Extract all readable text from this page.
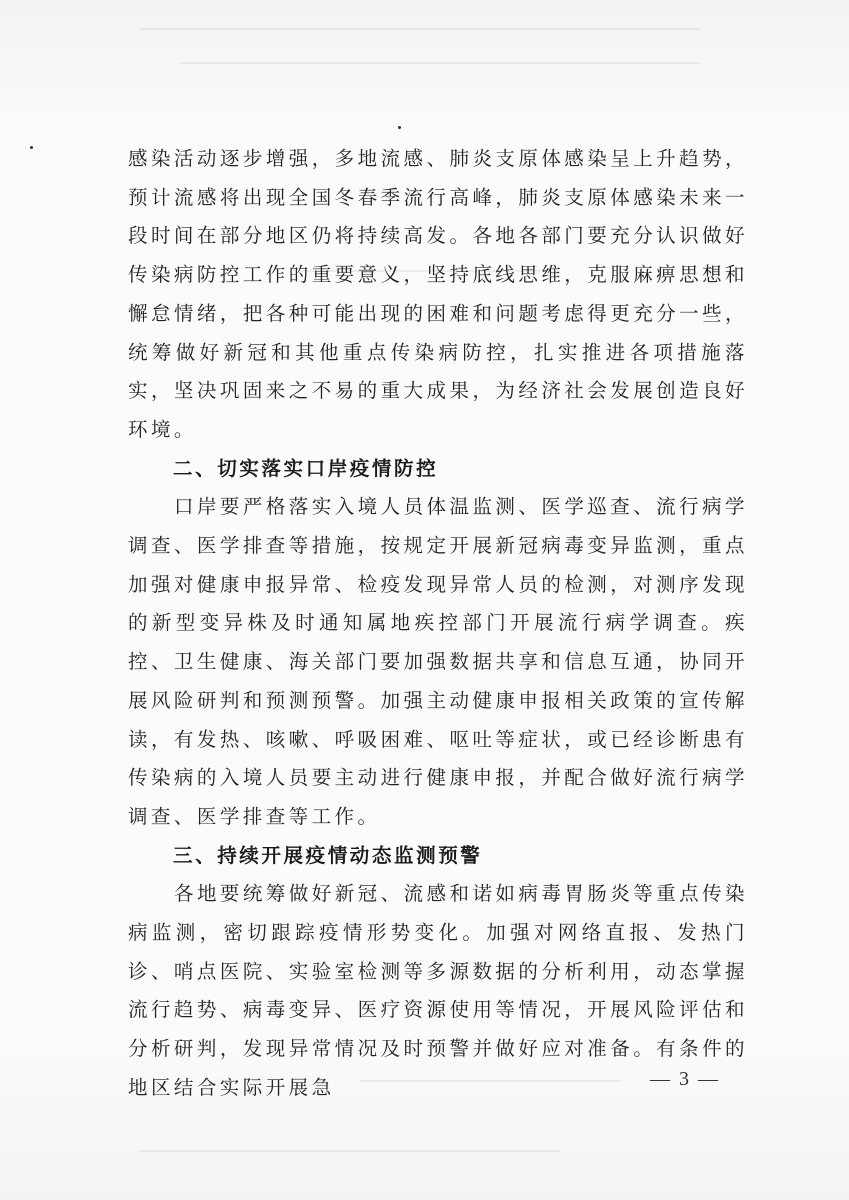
感染活动逐步增强，多地流感、肺炎支原体感染呈上升趋势，预计流感将出现全国冬春季流行高峰，肺炎支原体感染未来一段时间在部分地区仍将持续高发。各地各部门要充分认识做好传染病防控工作的重要意义，坚持底线思维，克服麻痹思想和懈怠情绪，把各种可能出现的困难和问题考虑得更充分一些，统筹做好新冠和其他重点传染病防控，扎实推进各项措施落实，坚决巩固来之不易的重大成果，为经济社会发展创造良好环境。

二、切实落实口岸疫情防控

口岸要严格落实入境人员体温监测、医学巡查、流行病学调查、医学排查等措施，按规定开展新冠病毒变异监测，重点加强对健康申报异常、检疫发现异常人员的检测，对测序发现的新型变异株及时通知属地疾控部门开展流行病学调查。疾控、卫生健康、海关部门要加强数据共享和信息互通，协同开展风险研判和预测预警。加强主动健康申报相关政策的宣传解读，有发热、咳嗽、呼吸困难、呕吐等症状，或已经诊断患有传染病的入境人员要主动进行健康申报，并配合做好流行病学调查、医学排查等工作。

三、持续开展疫情动态监测预警

各地要统筹做好新冠、流感和诺如病毒胃肠炎等重点传染病监测，密切跟踪疫情形势变化。加强对网络直报、发热门诊、哨点医院、实验室检测等多源数据的分析利用，动态掌握流行趋势、病毒变异、医疗资源使用等情况，开展风险评估和分析研判，发现异常情况及时预警并做好应对准备。有条件的地区结合实际开展急	— 3 —
